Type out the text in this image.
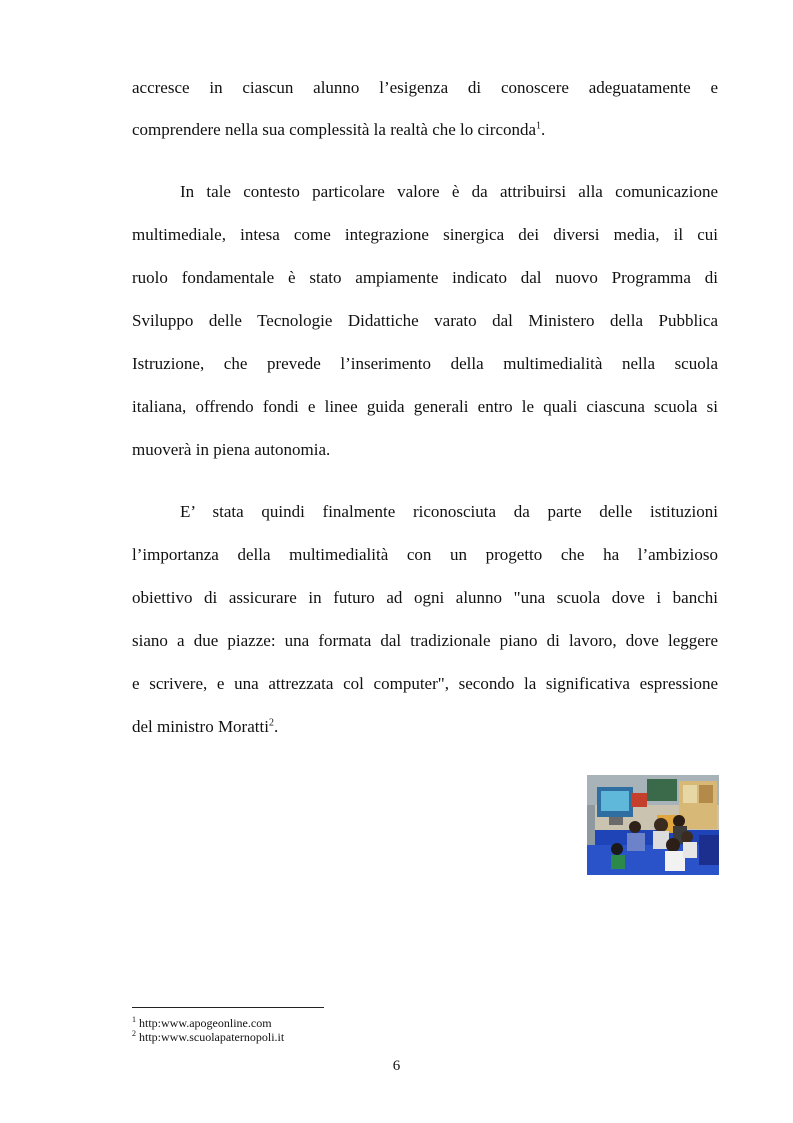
accresce in ciascun alunno l’esigenza di conoscere adeguatamente e
comprendere nella sua complessità la realtà che lo circonda$^1$.
In tale contesto particolare valore è da attribuirsi alla comunicazione
multimediale, intesa come integrazione sinergica dei diversi media, il cui
ruolo fondamentale è stato ampiamente indicato dal nuovo Programma di
Sviluppo delle Tecnologie Didattiche varato dal Ministero della Pubblica
Istruzione, che prevede l’inserimento della multimedialità nella scuola
italiana, offrendo fondi e linee guida generali entro le quali ciascuna scuola si
muoverà in piena autonomia.
E’ stata quindi finalmente riconosciuta da parte delle istituzioni
l’importanza della multimedialità con un progetto che ha l’ambizioso
obiettivo di assicurare in futuro ad ogni alunno "una scuola dove i banchi
siano a due piazze: una formata dal tradizionale piano di lavoro, dove leggere
e scrivere, e una attrezzata col computer", secondo la significativa espressione
del ministro Moratti$^2$.
$^1$ http:www.apogeonline.com
$^2$ http:www.scuolapaternopoli.it
6
